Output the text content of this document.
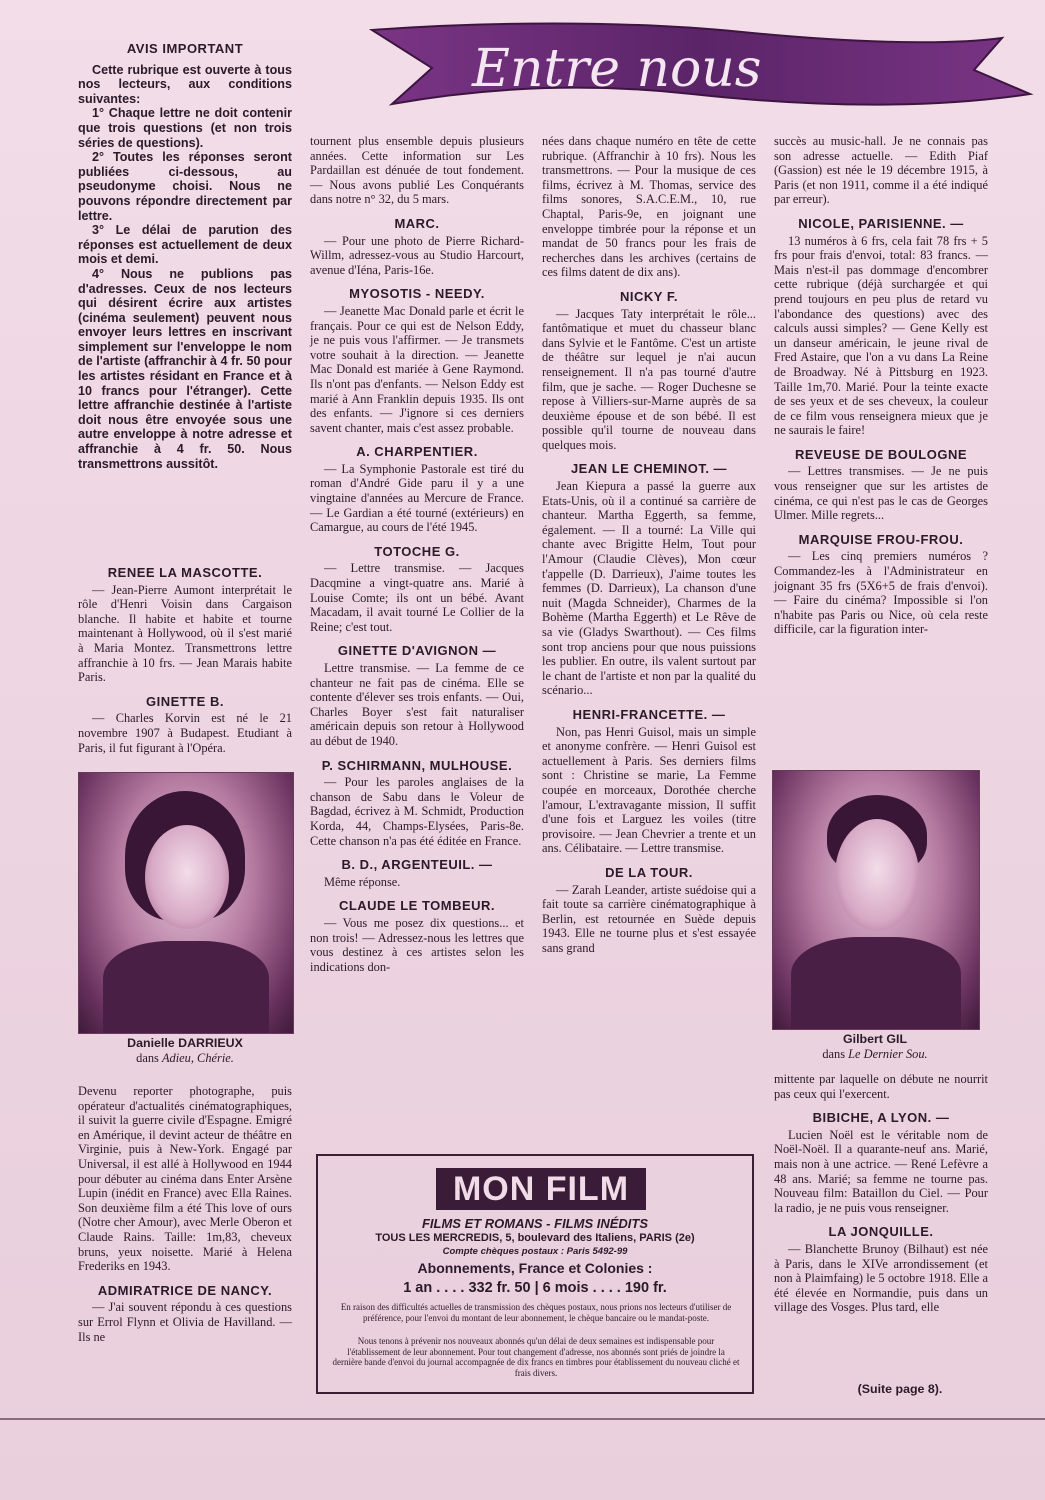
Entre nous
AVIS IMPORTANT

Cette rubrique est ouverte à tous nos lecteurs, aux conditions suivantes:

1° Chaque lettre ne doit contenir que trois questions (et non trois séries de questions).

2° Toutes les réponses seront publiées ci-dessous, au pseudonyme choisi. Nous ne pouvons répondre directement par lettre.

3° Le délai de parution des réponses est actuellement de deux mois et demi.

4° Nous ne publions pas d'adresses. Ceux de nos lecteurs qui désirent écrire aux artistes (cinéma seulement) peuvent nous envoyer leurs lettres en inscrivant simplement sur l'enveloppe le nom de l'artiste (affranchir à 4 fr. 50 pour les artistes résidant en France et à 10 francs pour l'étranger). Cette lettre affranchie destinée à l'artiste doit nous être envoyée sous une autre enveloppe à notre adresse et affranchie à 4 fr. 50. Nous transmettrons aussitôt.

RENEE LA MASCOTTE.

— Jean-Pierre Aumont interprétait le rôle d'Henri Voisin dans Cargaison blanche. Il habite et habite et tourne maintenant à Hollywood, où il s'est marié à Maria Montez. Transmettrons lettre affranchie à 10 frs. — Jean Marais habite Paris.

GINETTE B.

— Charles Korvin est né le 21 novembre 1907 à Budapest. Etudiant à Paris, il fut figurant à l'Opéra.

Danielle DARRIEUX
dans Adieu, Chérie.

Devenu reporter photographe, puis opérateur d'actualités cinématographiques, il suivit la guerre civile d'Espagne. Emigré en Amérique, il devint acteur de théâtre en Virginie, puis à New-York. Engagé par Universal, il est allé à Hollywood en 1944 pour débuter au cinéma dans Enter Arsène Lupin (inédit en France) avec Ella Raines. Son deuxième film a été This love of ours (Notre cher Amour), avec Merle Oberon et Claude Rains. Taille: 1m,83, cheveux bruns, yeux noisette. Marié à Helena Frederiks en 1943.

ADMIRATRICE DE NANCY.

— J'ai souvent répondu à ces questions sur Errol Flynn et Olivia de Havilland. — Ils ne

tournent plus ensemble depuis plusieurs années. Cette information sur Les Pardaillan est dénuée de tout fondement. — Nous avons publié Les Conquérants dans notre n° 32, du 5 mars.

MARC.

— Pour une photo de Pierre Richard-Willm, adressez-vous au Studio Harcourt, avenue d'Iéna, Paris-16e.

MYOSOTIS - NEEDY.

— Jeanette Mac Donald parle et écrit le français. Pour ce qui est de Nelson Eddy, je ne puis vous l'affirmer. — Je transmets votre souhait à la direction. — Jeanette Mac Donald est mariée à Gene Raymond. Ils n'ont pas d'enfants. — Nelson Eddy est marié à Ann Franklin depuis 1935. Ils ont des enfants. — J'ignore si ces derniers savent chanter, mais c'est assez probable.

A. CHARPENTIER.

— La Symphonie Pastorale est tiré du roman d'André Gide paru il y a une vingtaine d'années au Mercure de France. — Le Gardian a été tourné (extérieurs) en Camargue, au cours de l'été 1945.

TOTOCHE G.

— Lettre transmise. — Jacques Dacqmine a vingt-quatre ans. Marié à Louise Comte; ils ont un bébé. Avant Macadam, il avait tourné Le Collier de la Reine; c'est tout.

GINETTE D'AVIGNON —

Lettre transmise. — La femme de ce chanteur ne fait pas de cinéma. Elle se contente d'élever ses trois enfants. — Oui, Charles Boyer s'est fait naturaliser américain depuis son retour à Hollywood au début de 1940.

P. SCHIRMANN, MULHOUSE.

— Pour les paroles anglaises de la chanson de Sabu dans le Voleur de Bagdad, écrivez à M. Schmidt, Production Korda, 44, Champs-Elysées, Paris-8e. Cette chanson n'a pas été éditée en France.

B. D., ARGENTEUIL. —

Même réponse.

CLAUDE LE TOMBEUR.

— Vous me posez dix questions... et non trois! — Adressez-nous les lettres que vous destinez à ces artistes selon les indications don-

nées dans chaque numéro en tête de cette rubrique. (Affranchir à 10 frs). Nous les transmettrons. — Pour la musique de ces films, écrivez à M. Thomas, service des films sonores, S.A.C.E.M., 10, rue Chaptal, Paris-9e, en joignant une enveloppe timbrée pour la réponse et un mandat de 50 francs pour les frais de recherches dans les archives (certains de ces films datent de dix ans).

NICKY F.

— Jacques Taty interprétait le rôle... fantômatique et muet du chasseur blanc dans Sylvie et le Fantôme. C'est un artiste de théâtre sur lequel je n'ai aucun renseignement. Il n'a pas tourné d'autre film, que je sache. — Roger Duchesne se repose à Villiers-sur-Marne auprès de sa deuxième épouse et de son bébé. Il est possible qu'il tourne de nouveau dans quelques mois.

JEAN LE CHEMINOT. —

Jean Kiepura a passé la guerre aux Etats-Unis, où il a continué sa carrière de chanteur. Martha Eggerth, sa femme, également. — Il a tourné: La Ville qui chante avec Brigitte Helm, Tout pour l'Amour (Claudie Clèves), Mon cœur t'appelle (D. Darrieux), J'aime toutes les femmes (D. Darrieux), La chanson d'une nuit (Magda Schneider), Charmes de la Bohème (Martha Eggerth) et Le Rêve de sa vie (Gladys Swarthout). — Ces films sont trop anciens pour que nous puissions les publier. En outre, ils valent surtout par le chant de l'artiste et non par la qualité du scénario...

HENRI-FRANCETTE. —

Non, pas Henri Guisol, mais un simple et anonyme confrère. — Henri Guisol est actuellement à Paris. Ses derniers films sont : Christine se marie, La Femme coupée en morceaux, Dorothée cherche l'amour, L'extravagante mission, Il suffit d'une fois et Larguez les voiles (titre provisoire. — Jean Chevrier a trente et un ans. Célibataire. — Lettre transmise.

DE LA TOUR.

— Zarah Leander, artiste suédoise qui a fait toute sa carrière cinématographique à Berlin, est retournée en Suède depuis 1943. Elle ne tourne plus et s'est essayée sans grand

succès au music-hall. Je ne connais pas son adresse actuelle. — Edith Piaf (Gassion) est née le 19 décembre 1915, à Paris (et non 1911, comme il a été indiqué par erreur).

NICOLE, PARISIENNE. —

13 numéros à 6 frs, cela fait 78 frs + 5 frs pour frais d'envoi, total: 83 francs. — Mais n'est-il pas dommage d'encombrer cette rubrique (déjà surchargée et qui prend toujours en peu plus de retard vu l'abondance des questions) avec des calculs aussi simples? — Gene Kelly est un danseur américain, le jeune rival de Fred Astaire, que l'on a vu dans La Reine de Broadway. Né à Pittsburg en 1923. Taille 1m,70. Marié. Pour la teinte exacte de ses yeux et de ses cheveux, la couleur de ce film vous renseignera mieux que je ne saurais le faire!

REVEUSE DE BOULOGNE

— Lettres transmises. — Je ne puis vous renseigner que sur les artistes de cinéma, ce qui n'est pas le cas de Georges Ulmer. Mille regrets...

MARQUISE FROU-FROU.

— Les cinq premiers numéros ? Commandez-les à l'Administrateur en joignant 35 frs (5X6+5 de frais d'envoi). — Faire du cinéma? Impossible si l'on n'habite pas Paris ou Nice, où cela reste difficile, car la figuration inter-

Gilbert GIL
dans Le Dernier Sou.

mittente par laquelle on débute ne nourrit pas ceux qui l'exercent.

BIBICHE, A LYON. —

Lucien Noël est le véritable nom de Noël-Noël. Il a quarante-neuf ans. Marié, mais non à une actrice. — René Lefèvre a 48 ans. Marié; sa femme ne tourne pas. Nouveau film: Bataillon du Ciel. — Pour la radio, je ne puis vous renseigner.

LA JONQUILLE.

— Blanchette Brunoy (Bilhaut) est née à Paris, dans le XIVe arrondissement (et non à Plaimfaing) le 5 octobre 1918. Elle a été élevée en Normandie, puis dans un village des Vosges. Plus tard, elle

(Suite page 8).
MON FILM
FILMS ET ROMANS - FILMS INÉDITS
TOUS LES MERCREDIS, 5, boulevard des Italiens, PARIS (2e)
Compte chèques postaux : Paris 5492-99
Abonnements, France et Colonies :
1 an . . . . 332 fr. 50 | 6 mois . . . . 190 fr.
En raison des difficultés actuelles de transmission des chèques postaux, nous prions nos lecteurs d'utiliser de préférence, pour l'envoi du montant de leur abonnement, le chèque bancaire ou le mandat-poste.
Nous tenons à prévenir nos nouveaux abonnés qu'un délai de deux semaines est indispensable pour l'établissement de leur abonnement. Pour tout changement d'adresse, nos abonnés sont priés de joindre la dernière bande d'envoi du journal accompagnée de dix francs en timbres pour établissement du nouveau cliché et frais divers.
